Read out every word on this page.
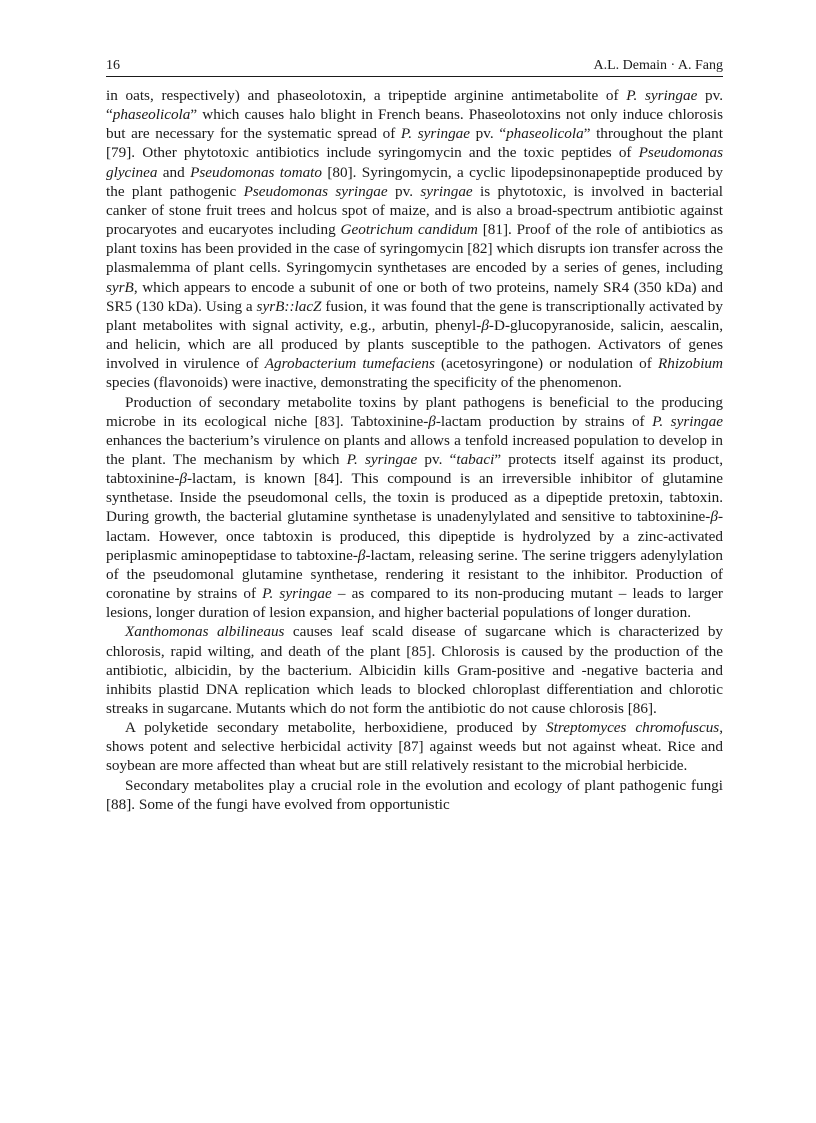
16	A.L. Demain · A. Fang

in oats, respectively) and phaseolotoxin, a tripeptide arginine antimetabolite of P. syringae pv. “phaseolicola” which causes halo blight in French beans. Phaseolotoxins not only induce chlorosis but are necessary for the systematic spread of P. syringae pv. “phaseolicola” throughout the plant [79]. Other phytotoxic antibiotics include syringomycin and the toxic peptides of Pseudomonas glycinea and Pseudomonas tomato [80]. Syringomycin, a cyclic lipodepsinonapeptide produced by the plant pathogenic Pseudomonas syringae pv. syringae is phytotoxic, is involved in bacterial canker of stone fruit trees and holcus spot of maize, and is also a broad-spectrum antibiotic against procaryotes and eucaryotes including Geotrichum candidum [81]. Proof of the role of antibiotics as plant toxins has been provided in the case of syringomycin [82] which disrupts ion transfer across the plasmalemma of plant cells. Syringomycin synthetases are encoded by a series of genes, including syrB, which appears to encode a subunit of one or both of two proteins, namely SR4 (350 kDa) and SR5 (130 kDa). Using a syrB::lacZ fusion, it was found that the gene is transcriptionally activated by plant metabolites with signal activity, e.g., arbutin, phenyl-β-D-glucopyranoside, salicin, aescalin, and helicin, which are all produced by plants susceptible to the pathogen. Activators of genes involved in virulence of Agrobacterium tumefaciens (acetosyringone) or nodulation of Rhizobium species (flavonoids) were inactive, demonstrating the specificity of the phenomenon.

Production of secondary metabolite toxins by plant pathogens is beneficial to the producing microbe in its ecological niche [83]. Tabtoxinine-β-lactam production by strains of P. syringae enhances the bacterium’s virulence on plants and allows a tenfold increased population to develop in the plant. The mechanism by which P. syringae pv. “tabaci” protects itself against its product, tabtoxinine-β-lactam, is known [84]. This compound is an irreversible inhibitor of glutamine synthetase. Inside the pseudomonal cells, the toxin is produced as a dipeptide pretoxin, tabtoxin. During growth, the bacterial glutamine synthetase is unadenylylated and sensitive to tabtoxinine-β-lactam. However, once tabtoxin is produced, this dipeptide is hydrolyzed by a zinc-activated periplasmic aminopeptidase to tabtoxine-β-lactam, releasing serine. The serine triggers adenylylation of the pseudomonal glutamine synthetase, rendering it resistant to the inhibitor. Production of coronatine by strains of P. syringae – as compared to its non-producing mutant – leads to larger lesions, longer duration of lesion expansion, and higher bacterial populations of longer duration.

Xanthomonas albilineaus causes leaf scald disease of sugarcane which is characterized by chlorosis, rapid wilting, and death of the plant [85]. Chlorosis is caused by the production of the antibiotic, albicidin, by the bacterium. Albicidin kills Gram-positive and -negative bacteria and inhibits plastid DNA replication which leads to blocked chloroplast differentiation and chlorotic streaks in sugarcane. Mutants which do not form the antibiotic do not cause chlorosis [86].

A polyketide secondary metabolite, herboxidiene, produced by Streptomyces chromofuscus, shows potent and selective herbicidal activity [87] against weeds but not against wheat. Rice and soybean are more affected than wheat but are still relatively resistant to the microbial herbicide.

Secondary metabolites play a crucial role in the evolution and ecology of plant pathogenic fungi [88]. Some of the fungi have evolved from opportunistic
